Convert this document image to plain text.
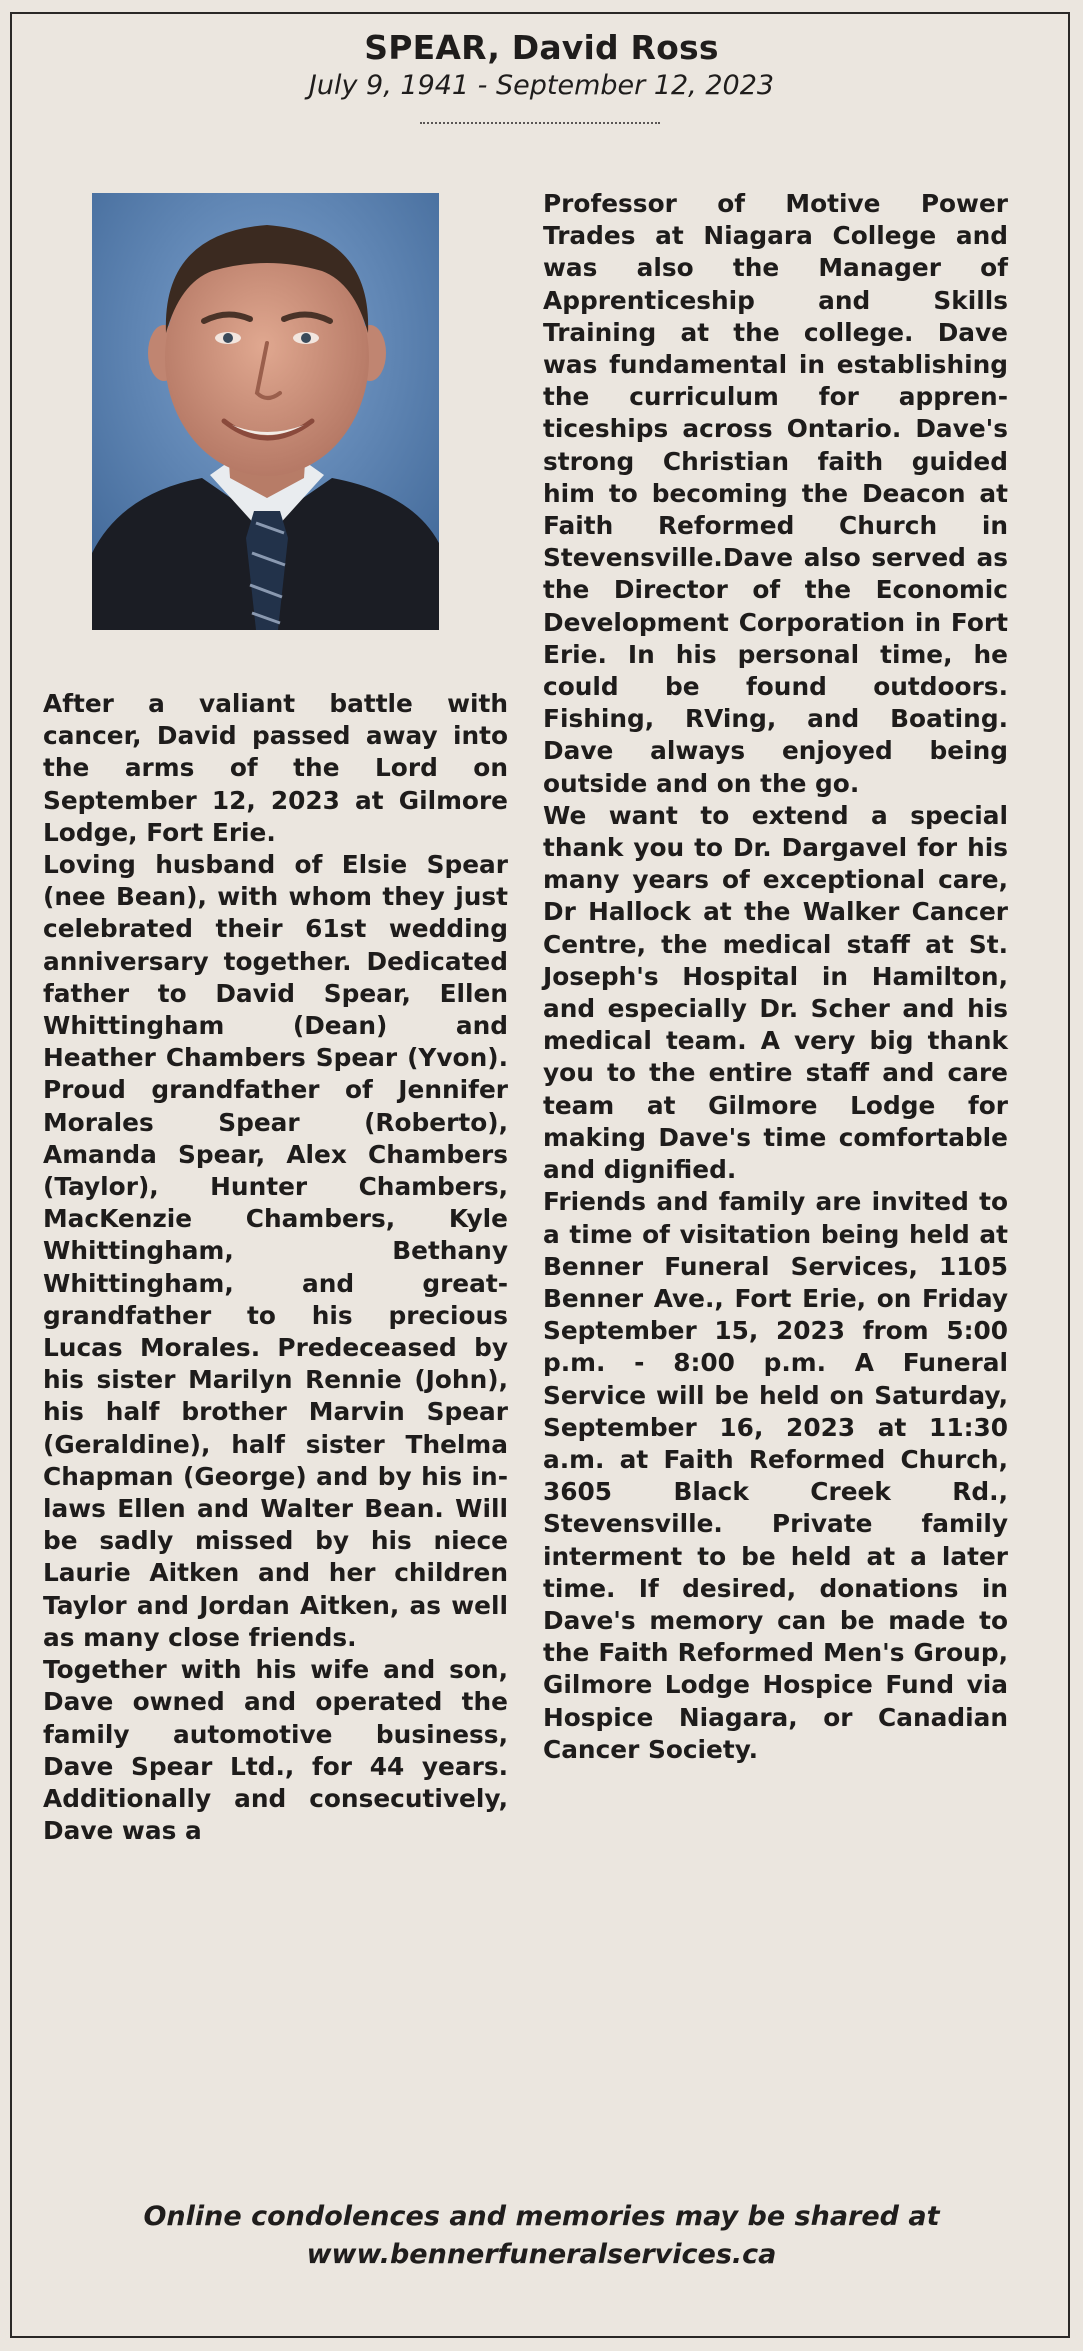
SPEAR, David Ross
July 9, 1941 - September 12, 2023

After a valiant battle with cancer, David passed away into the arms of the Lord on September 12, 2023 at Gilmore Lodge, Fort Erie.

Loving husband of Elsie Spear (nee Bean), with whom they just celebrated their 61st wedding anniversary together. Dedicated father to David Spear, Ellen Whittingham (Dean) and Heather Chambers Spear (Yvon). Proud grandfather of Jennifer Morales Spear (Roberto), Amanda Spear, Alex Chambers (Taylor), Hunter Chambers, MacKenzie Chambers, Kyle Whittingham, Bethany Whittingham, and great-grandfather to his precious Lucas Morales. Predeceased by his sister Marilyn Rennie (John), his half brother Marvin Spear (Geraldine), half sister Thelma Chapman (George) and by his in-laws Ellen and Walter Bean. Will be sadly missed by his niece Laurie Aitken and her children Taylor and Jordan Aitken, as well as many close friends.

Together with his wife and son, Dave owned and operated the family automotive business, Dave Spear Ltd., for 44 years. Additionally and consecutively, Dave was a

Professor of Motive Power Trades at Niagara College and was also the Manager of Apprenticeship and Skills Training at the college. Dave was fundamental in establishing the curriculum for apprenticeships across Ontario. Dave's strong Christian faith guided him to becoming the Deacon at Faith Reformed Church in Stevensville.Dave also served as the Director of the Economic Development Corporation in Fort Erie. In his personal time, he could be found outdoors. Fishing, RVing, and Boating. Dave always enjoyed being outside and on the go.

We want to extend a special thank you to Dr. Dargavel for his many years of exceptional care, Dr Hallock at the Walker Cancer Centre, the medical staff at St. Joseph's Hospital in Hamilton, and especially Dr. Scher and his medical team. A very big thank you to the entire staff and care team at Gilmore Lodge for making Dave's time comfortable and dignified.

Friends and family are invited to a time of visitation being held at Benner Funeral Services, 1105 Benner Ave., Fort Erie, on Friday September 15, 2023 from 5:00 p.m. - 8:00 p.m. A Funeral Service will be held on Saturday, September 16, 2023 at 11:30 a.m. at Faith Reformed Church, 3605 Black Creek Rd., Stevensville. Private family interment to be held at a later time. If desired, donations in Dave's memory can be made to the Faith Reformed Men's Group, Gilmore Lodge Hospice Fund via Hospice Niagara, or Canadian Cancer Society.

Online condolences and memories may be shared at
www.bennerfuneralservices.ca
